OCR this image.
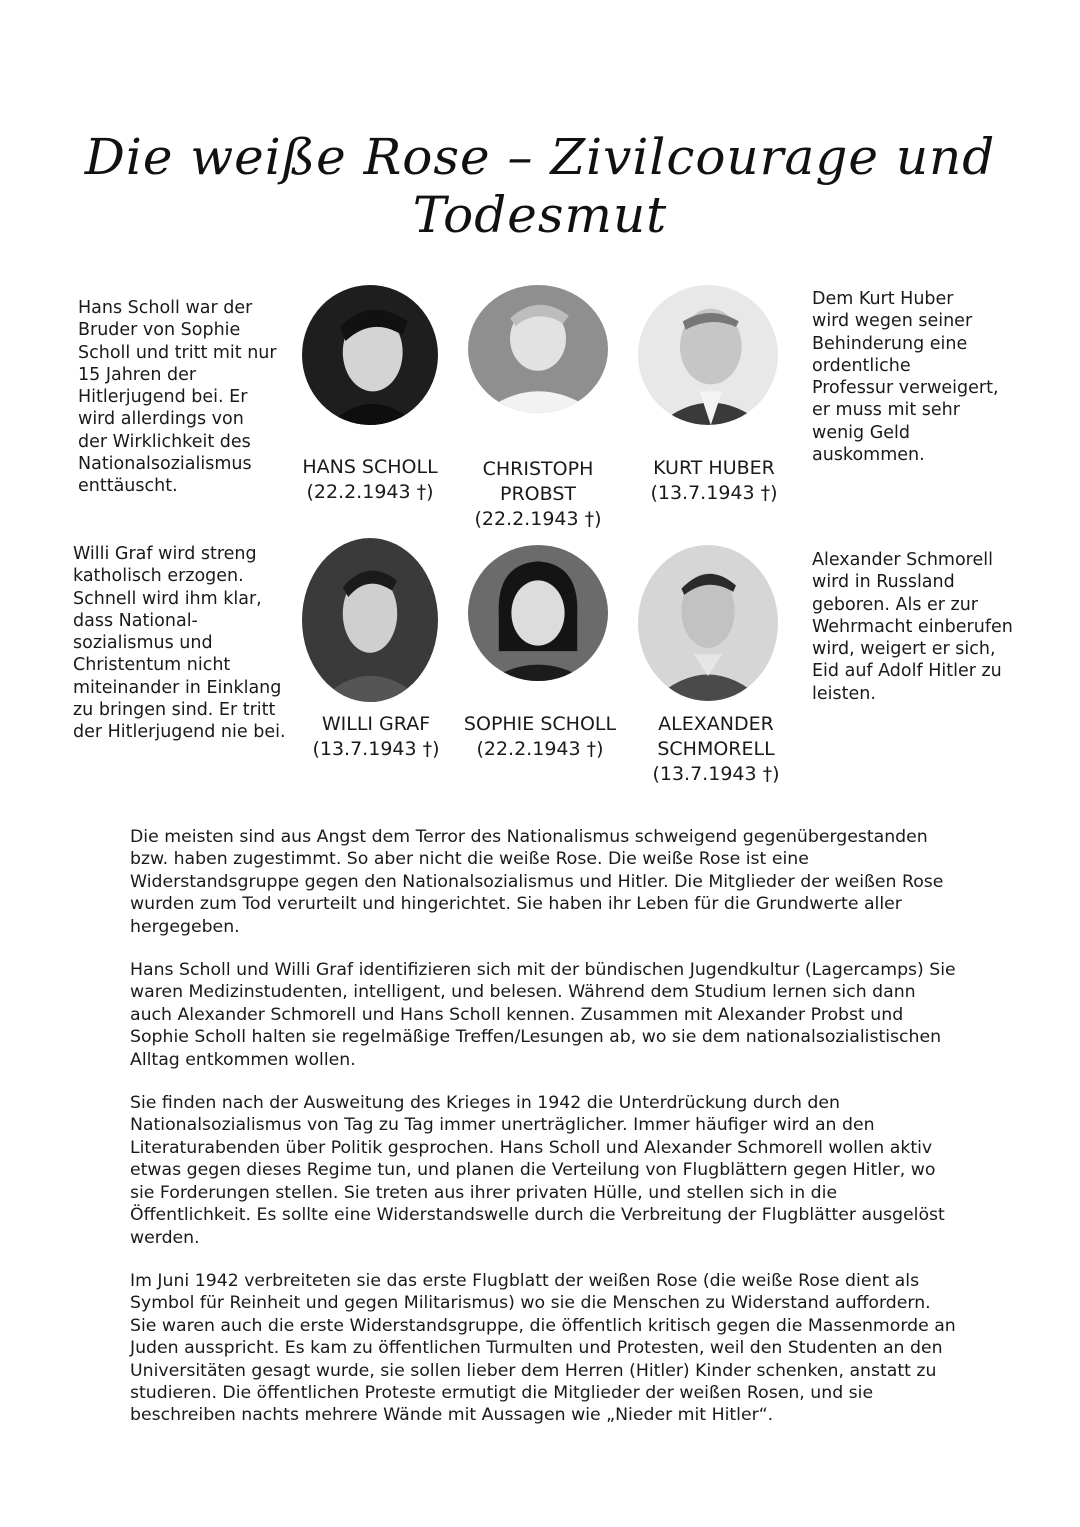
Die weiße Rose – Zivilcourage und Todesmut

Hans Scholl war der
Bruder von Sophie
Scholl und tritt mit nur
15 Jahren der
Hitlerjugend bei. Er
wird allerdings von
der Wirklichkeit des
Nationalsozialismus
enttäuscht.

Dem Kurt Huber
wird wegen seiner
Behinderung eine
ordentliche
Professur verweigert,
er muss mit sehr
wenig Geld
auskommen.

Willi Graf wird streng
katholisch erzogen.
Schnell wird ihm klar,
dass National-
sozialismus und
Christentum nicht
miteinander in Einklang
zu bringen sind. Er tritt
der Hitlerjugend nie bei.

Alexander Schmorell
wird in Russland
geboren. Als er zur
Wehrmacht einberufen
wird, weigert er sich,
Eid auf Adolf Hitler zu
leisten.

HANS SCHOLL
(22.2.1943 †)
CHRISTOPH
PROBST
(22.2.1943 †)
KURT HUBER
(13.7.1943 †)
WILLI GRAF
(13.7.1943 †)
SOPHIE SCHOLL
(22.2.1943 †)
ALEXANDER
SCHMORELL
(13.7.1943 †)

Die meisten sind aus Angst dem Terror des Nationalismus schweigend gegenübergestanden bzw. haben zugestimmt. So aber nicht die weiße Rose. Die weiße Rose ist eine Widerstandsgruppe gegen den Nationalsozialismus und Hitler. Die Mitglieder der weißen Rose wurden zum Tod verurteilt und hingerichtet. Sie haben ihr Leben für die Grundwerte aller hergegeben.

Hans Scholl und Willi Graf identifizieren sich mit der bündischen Jugendkultur (Lagercamps) Sie waren Medizinstudenten, intelligent, und belesen. Während dem Studium lernen sich dann auch Alexander Schmorell und Hans Scholl kennen. Zusammen mit Alexander Probst und Sophie Scholl halten sie regelmäßige Treffen/Lesungen ab, wo sie dem nationalsozialistischen Alltag entkommen wollen.

Sie finden nach der Ausweitung des Krieges in 1942 die Unterdrückung durch den Nationalsozialismus von Tag zu Tag immer unerträglicher. Immer häufiger wird an den Literaturabenden über Politik gesprochen. Hans Scholl und Alexander Schmorell wollen aktiv etwas gegen dieses Regime tun, und planen die Verteilung von Flugblättern gegen Hitler, wo sie Forderungen stellen. Sie treten aus ihrer privaten Hülle, und stellen sich in die Öffentlichkeit. Es sollte eine Widerstandswelle durch die Verbreitung der Flugblätter ausgelöst werden.

Im Juni 1942 verbreiteten sie das erste Flugblatt der weißen Rose (die weiße Rose dient als Symbol für Reinheit und gegen Militarismus) wo sie die Menschen zu Widerstand auffordern. Sie waren auch die erste Widerstandsgruppe, die öffentlich kritisch gegen die Massenmorde an Juden ausspricht. Es kam zu öffentlichen Turmulten und Protesten, weil den Studenten an den Universitäten gesagt wurde, sie sollen lieber dem Herren (Hitler) Kinder schenken, anstatt zu studieren. Die öffentlichen Proteste ermutigt die Mitglieder der weißen Rosen, und sie beschreiben nachts mehrere Wände mit Aussagen wie „Nieder mit Hitler“.
